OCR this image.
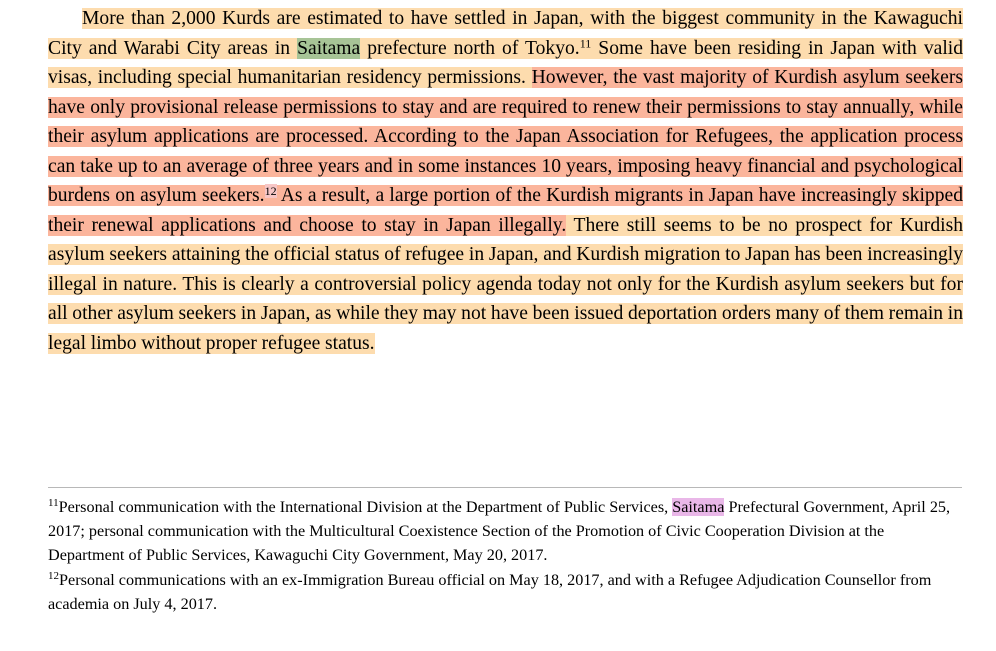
More than 2,000 Kurds are estimated to have settled in Japan, with the biggest community in the Kawaguchi City and Warabi City areas in Saitama prefecture north of Tokyo.$^{11}$ Some have been residing in Japan with valid visas, including special humanitarian residency permissions. However, the vast majority of Kurdish asylum seekers have only provisional release permissions to stay and are required to renew their permissions to stay annually, while their asylum applications are processed. According to the Japan Association for Refugees, the application process can take up to an average of three years and in some instances 10 years, imposing heavy financial and psychological burdens on asylum seekers.$^{12}$ As a result, a large portion of the Kurdish migrants in Japan have increasingly skipped their renewal applications and choose to stay in Japan illegally. There still seems to be no prospect for Kurdish asylum seekers attaining the official status of refugee in Japan, and Kurdish migration to Japan has been increasingly illegal in nature. This is clearly a controversial policy agenda today not only for the Kurdish asylum seekers but for all other asylum seekers in Japan, as while they may not have been issued deportation orders many of them remain in legal limbo without proper refugee status.

$^{11}$Personal communication with the International Division at the Department of Public Services, Saitama Prefectural Government, April 25, 2017; personal communication with the Multicultural Coexistence Section of the Promotion of Civic Cooperation Division at the Department of Public Services, Kawaguchi City Government, May 20, 2017.

$^{12}$Personal communications with an ex-Immigration Bureau official on May 18, 2017, and with a Refugee Adjudication Counsellor from academia on July 4, 2017.
